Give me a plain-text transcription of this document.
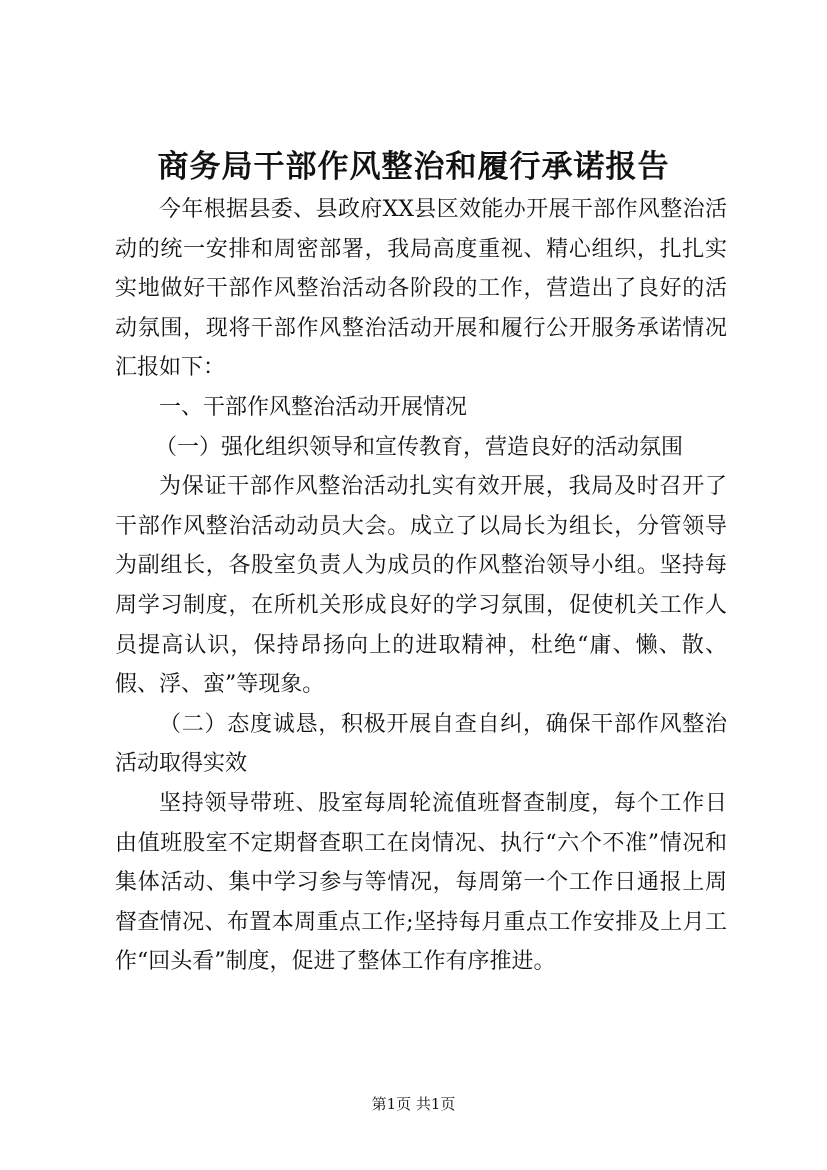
商务局干部作风整治和履行承诺报告

今年根据县委、县政府XX县区效能办开展干部作风整治活动的统一安排和周密部署，我局高度重视、精心组织，扎扎实实地做好干部作风整治活动各阶段的工作，营造出了良好的活动氛围，现将干部作风整治活动开展和履行公开服务承诺情况汇报如下：

一、干部作风整治活动开展情况

（一）强化组织领导和宣传教育，营造良好的活动氛围

为保证干部作风整治活动扎实有效开展，我局及时召开了干部作风整治活动动员大会。成立了以局长为组长，分管领导为副组长，各股室负责人为成员的作风整治领导小组。坚持每周学习制度，在所机关形成良好的学习氛围，促使机关工作人员提高认识，保持昂扬向上的进取精神，杜绝“庸、懒、散、假、浮、蛮”等现象。

（二）态度诚恳，积极开展自查自纠，确保干部作风整治活动取得实效

坚持领导带班、股室每周轮流值班督查制度，每个工作日由值班股室不定期督查职工在岗情况、执行“六个不准”情况和集体活动、集中学习参与等情况，每周第一个工作日通报上周督查情况、布置本周重点工作;坚持每月重点工作安排及上月工作“回头看”制度，促进了整体工作有序推进。

第1页 共1页
